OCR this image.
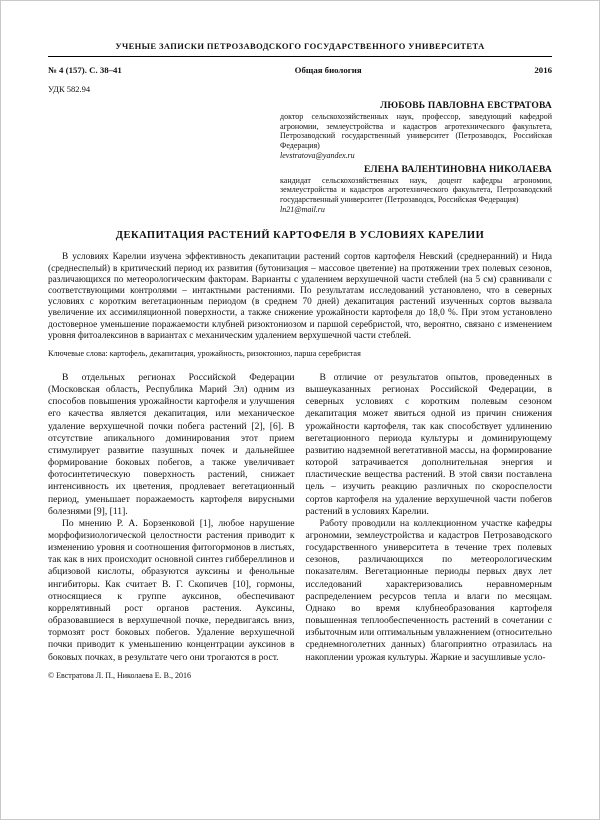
УЧЕНЫЕ ЗАПИСКИ ПЕТРОЗАВОДСКОГО ГОСУДАРСТВЕННОГО УНИВЕРСИТЕТА
№ 4 (157). С. 38–41	Общая биология	2016
УДК 582.94
ЛЮБОВЬ ПАВЛОВНА ЕВСТРАТОВА
доктор сельскохозяйственных наук, профессор, заведующий кафедрой агрономии, землеустройства и кадастров агротехнического факультета, Петрозаводский государственный университет (Петрозаводск, Российская Федерация)
levstratova@yandex.ru
ЕЛЕНА ВАЛЕНТИНОВНА НИКОЛАЕВА
кандидат сельскохозяйственных наук, доцент кафедры агрономии, землеустройства и кадастров агротехнического факультета, Петрозаводский государственный университет (Петрозаводск, Российская Федерация)
ln21@mail.ru
ДЕКАПИТАЦИЯ РАСТЕНИЙ КАРТОФЕЛЯ В УСЛОВИЯХ КАРЕЛИИ
В условиях Карелии изучена эффективность декапитации растений сортов картофеля Невский (среднеранний) и Нида (среднеспелый) в критический период их развития (бутонизация – массовое цветение) на протяжении трех полевых сезонов, различающихся по метеорологическим факторам. Варианты с удалением верхушечной части стеблей (на 5 см) сравнивали с соответствующими контролями – интактными растениями. По результатам исследований установлено, что в северных условиях с коротким вегетационным периодом (в среднем 70 дней) декапитация растений изученных сортов вызвала увеличение их ассимиляционной поверхности, а также снижение урожайности картофеля до 18,0 %. При этом установлено достоверное уменьшение поражаемости клубней ризоктониозом и паршой серебристой, что, вероятно, связано с изменением уровня фитоалексинов в вариантах с механическим удалением верхушечной части стеблей.
Ключевые слова: картофель, декапитация, урожайность, ризоктониоз, парша серебристая

В отдельных регионах Российской Федерации (Московская область, Республика Марий Эл) одним из способов повышения урожайности картофеля и улучшения его качества является декапитация, или механическое удаление верхушечной почки побега растений [2], [6]. В отсутствие апикального доминирования этот прием стимулирует развитие пазушных почек и дальнейшее формирование боковых побегов, а также увеличивает фотосинтетическую поверхность растений, снижает интенсивность их цветения, продлевает вегетационный период, уменьшает поражаемость картофеля вирусными болезнями [9], [11].

По мнению Р. А. Борзенковой [1], любое нарушение морфофизиологической целостности растения приводит к изменению уровня и соотношения фитогормонов в листьях, так как в них происходит основной синтез гиббереллинов и абцизовой кислоты, образуются ауксины и фенольные ингибиторы. Как считает В. Г. Скопичев [10], гормоны, относящиеся к группе ауксинов, обеспечивают коррелятивный рост органов растения. Ауксины, образовавшиеся в верхушечной почке, передвигаясь вниз, тормозят рост боковых побегов. Удаление верхушечной почки приводит к уменьшению концентрации ауксинов в боковых почках, в результате чего они трогаются в рост.

© Евстратова Л. П., Николаева Е. В., 2016

В отличие от результатов опытов, проведенных в вышеуказанных регионах Российской Федерации, в северных условиях с коротким полевым сезоном декапитация может явиться одной из причин снижения урожайности картофеля, так как способствует удлинению вегетационного периода культуры и доминирующему развитию надземной вегетативной массы, на формирование которой затрачивается дополнительная энергия и пластические вещества растений. В этой связи поставлена цель – изучить реакцию различных по скороспелости сортов картофеля на удаление верхушечной части побегов растений в условиях Карелии.

Работу проводили на коллекционном участке кафедры агрономии, землеустройства и кадастров Петрозаводского государственного университета в течение трех полевых сезонов, различающихся по метеорологическим показателям. Вегетационные периоды первых двух лет исследований характеризовались неравномерным распределением ресурсов тепла и влаги по месяцам. Однако во время клубнеобразования картофеля повышенная теплообеспеченность растений в сочетании с избыточным или оптимальным увлажнением (относительно среднемноголетних данных) благоприятно отразилась на накоплении урожая культуры. Жаркие и засушливые усло-
